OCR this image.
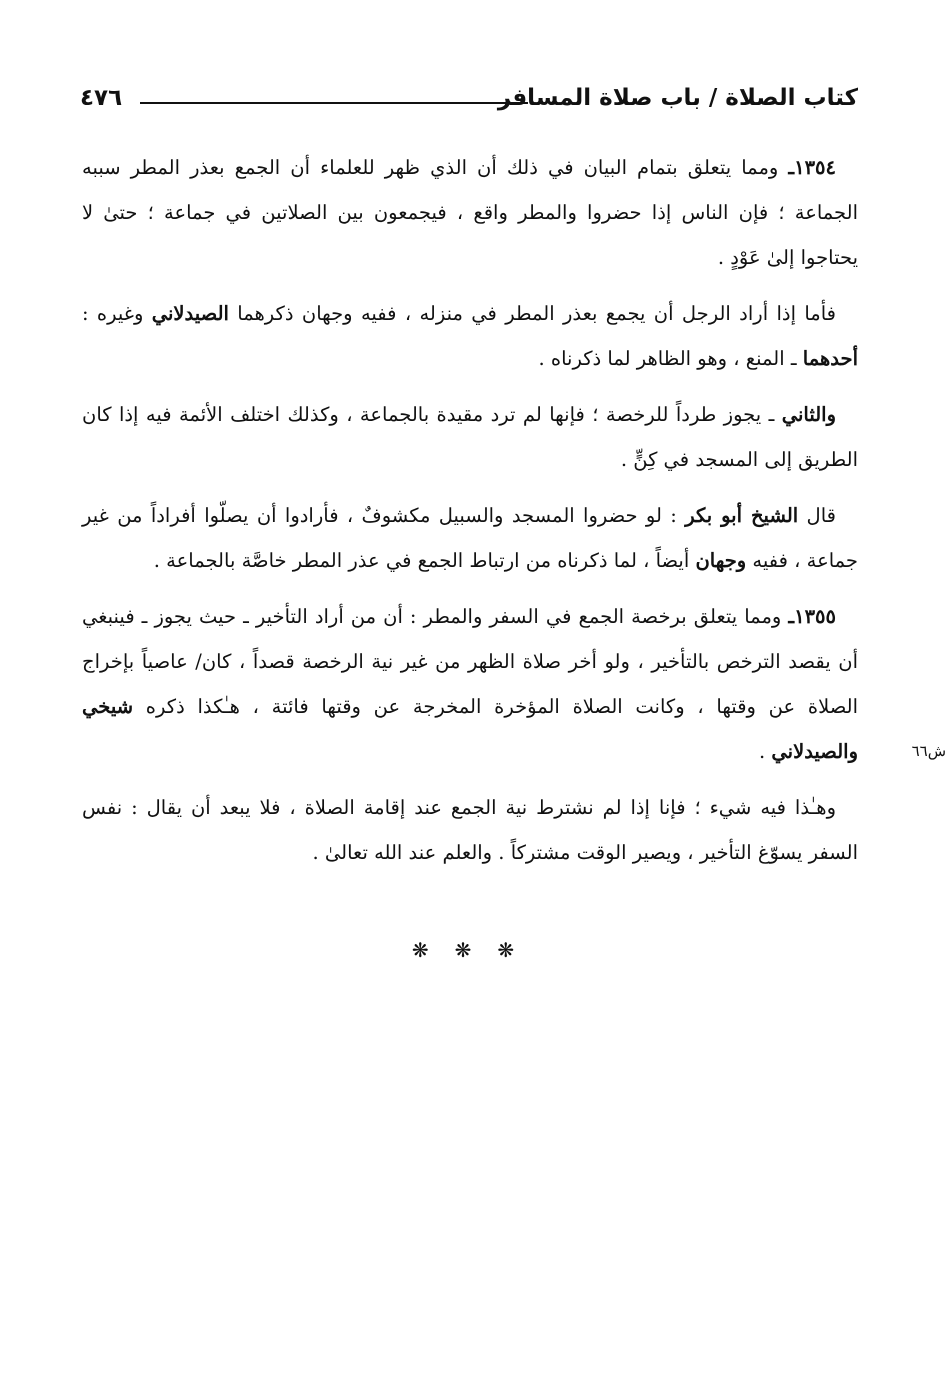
كتاب الصلاة / باب صلاة المسافر
٤٧٦

١٣٥٤ـ ومما يتعلق بتمام البيان في ذلك أن الذي ظهر للعلماء أن الجمع بعذر المطر سببه الجماعة ؛ فإن الناس إذا حضروا والمطر واقع ، فيجمعون بين الصلاتين في جماعة ؛ حتىٰ لا يحتاجوا إلىٰ عَوْدٍ .

فأما إذا أراد الرجل أن يجمع بعذر المطر في منزله ، ففيه وجهان ذكرهما الصيدلاني وغيره : أحدهما ـ المنع ، وهو الظاهر لما ذكرناه .

والثاني ـ يجوز طرداً للرخصة ؛ فإنها لم ترد مقيدة بالجماعة ، وكذلك اختلف الأئمة فيه إذا كان الطريق إلى المسجد في كِنٍّ .

قال الشيخ أبو بكر : لو حضروا المسجد والسبيل مكشوفٌ ، فأرادوا أن يصلّوا أفراداً من غير جماعة ، ففيه وجهان أيضاً ، لما ذكرناه من ارتباط الجمع في عذر المطر خاصَّة بالجماعة .

١٣٥٥ـ ومما يتعلق برخصة الجمع في السفر والمطر : أن من أراد التأخير ـ حيث يجوز ـ فينبغي أن يقصد الترخص بالتأخير ، ولو أخر صلاة الظهر من غير نية الرخصة قصداً ، كان/ عاصياً بإخراج الصلاة عن وقتها ، وكانت الصلاة المؤخرة المخرجة عن وقتها فائتة ، هـٰكذا ذكره شيخي والصيدلاني .

وهـٰذا فيه شيء ؛ فإنا إذا لم نشترط نية الجمع عند إقامة الصلاة ، فلا يبعد أن يقال : نفس السفر يسوّغ التأخير ، ويصير الوقت مشتركاً . والعلم عند الله تعالىٰ .

ش٦٦
❋❋❋
